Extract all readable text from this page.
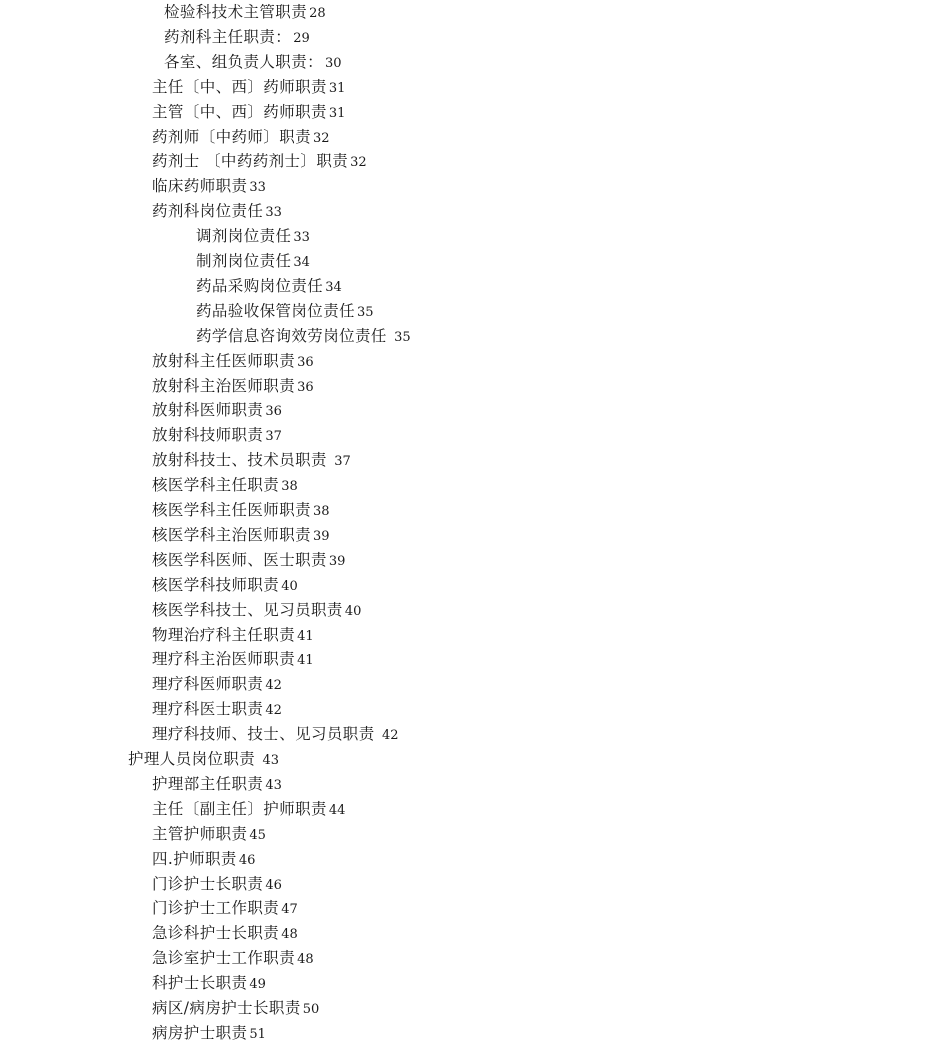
检验科技术主管职责 28
药剂科主任职责： 29
各室、组负责人职责： 30
主任〔中、西〕药师职责 31
主管〔中、西〕药师职责 31
药剂师〔中药师〕职责 32
药剂士 〔中药药剂士〕职责 32
临床药师职责 33
药剂科岗位责任 33
调剂岗位责任 33
制剂岗位责任 34
药品采购岗位责任 34
药品验收保管岗位责任 35
药学信息咨询效劳岗位责任 35
放射科主任医师职责 36
放射科主治医师职责 36
放射科医师职责 36
放射科技师职责 37
放射科技士、技术员职责 37
核医学科主任职责 38
核医学科主任医师职责 38
核医学科主治医师职责 39
核医学科医师、医士职责 39
核医学科技师职责 40
核医学科技士、见习员职责 40
物理治疗科主任职责 41
理疗科主治医师职责 41
理疗科医师职责 42
理疗科医士职责 42
理疗科技师、技士、见习员职责 42
护理人员岗位职责 43
护理部主任职责 43
主任〔副主任〕护师职责 44
主管护师职责 45
四.护师职责 46
门诊护士长职责 46
门诊护士工作职责 47
急诊科护士长职责 48
急诊室护士工作职责 48
科护士长职责 49
病区/病房护士长职责 50
病房护士职责 51
